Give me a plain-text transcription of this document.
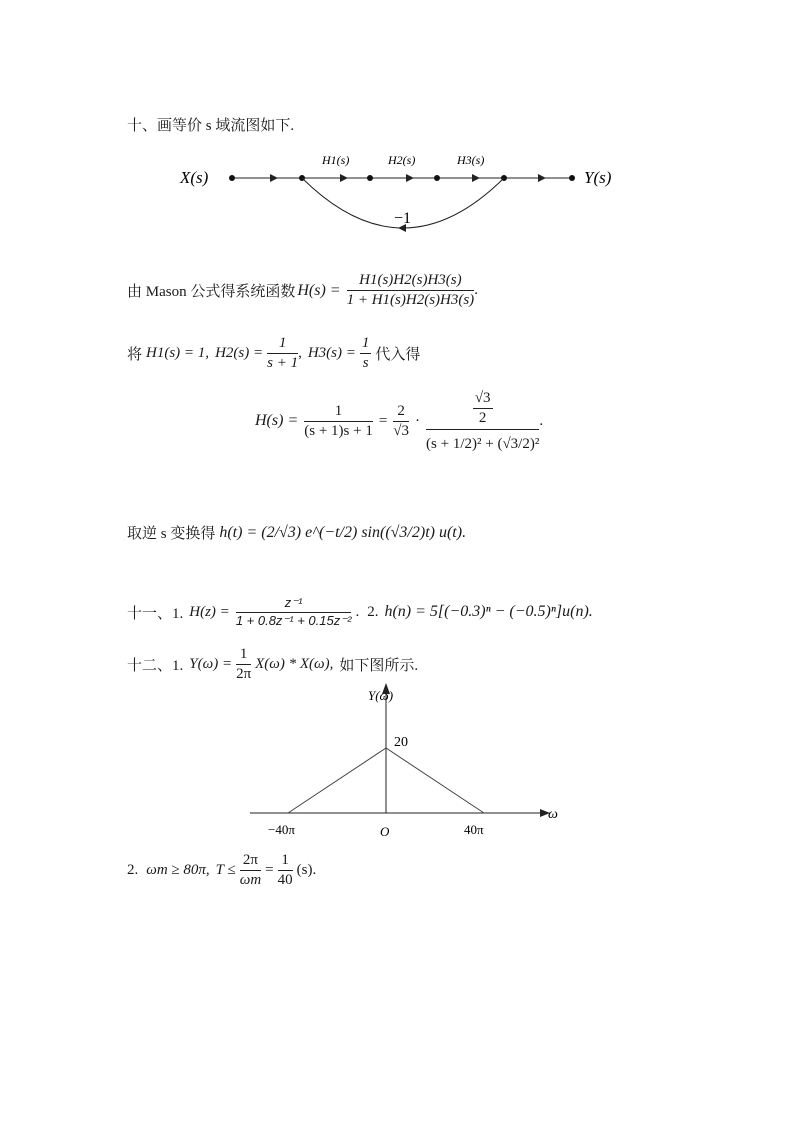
十、画等价 s 域流图如下.
X(s)	Y(s)
H1(s)	H2(s)	H3(s)
−1
由 Mason 公式得系统函数 $H(s) = \frac{H1(s)H2(s)H3(s)}{1 + H1(s)H2(s)H3(s)}$ .
将 H1(s) = 1, $H2(s) = \frac{1}{s + 1}$ , $H3(s) = \frac{1}{s}$ 代入得
$H(s) = \frac{1}{(s + 1)s + 1} = \frac{2}{√3} \cdot \frac{\frac{√3}{2}}{\text{(s + 1/2)² + (√3/2)²}}$ .
取逆 s 变换得 h(t) = (2/√3) e^(−t/2) sin((√3/2)t) u(t).
十一、1. $H(z) = \frac{\text{z⁻¹}}{\text{1 + 0.8z⁻¹ + 0.15z⁻²}}$ . 2. h(n) = 5[(−0.3)ⁿ − (−0.5)ⁿ]u(n).
十二、1. $Y(\omega) = \frac{1}{2\pi} X(\omega) * X(\omega)$, 如下图所示.
Y(ω)
ω
20
−40π	O	40π
2. ωm ≥ 80π, $T \le \frac{2\pi}{\omega m} = \frac{1}{40} (s)$.
